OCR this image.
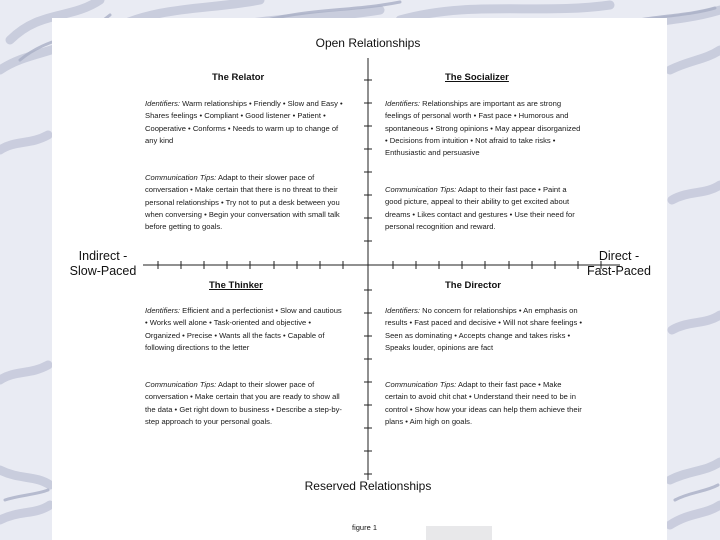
Open Relationships
Reserved Relationships
Indirect -
Slow-Paced
Direct -
Fast-Paced
The Relator	The Socializer
The Thinker	The Director
Identifiers: Warm relationships • Friendly • Slow and Easy • Shares feelings • Compliant • Good listener • Patient • Cooperative • Conforms • Needs to warm up to change of any kind
Communication Tips: Adapt to their slower pace of conversation • Make certain that there is no threat to their personal relationships • Try not to put a desk between you when conversing • Begin your conversation with small talk before getting to goals.
Identifiers: Relationships are important as are strong feelings of personal worth • Fast pace • Humorous and spontaneous • Strong opinions • May appear disorganized • Decisions from intuition • Not afraid to take risks • Enthusiastic and persuasive
Communication Tips: Adapt to their fast pace • Paint a good picture, appeal to their ability to get excited about dreams • Likes contact and gestures • Use their need for personal recognition and reward.
Identifiers: Efficient and a perfectionist • Slow and cautious • Works well alone • Task-oriented and objective • Organized • Precise • Wants all the facts • Capable of following directions to the letter
Communication Tips: Adapt to their slower pace of conversation • Make certain that you are ready to show all the data • Get right down to business • Describe a step-by-step approach to your personal goals.
Identifiers: No concern for relationships • An emphasis on results • Fast paced and decisive • Will not share feelings • Seen as dominating • Accepts change and takes risks • Speaks louder, opinions are fact
Communication Tips: Adapt to their fast pace • Make certain to avoid chit chat • Understand their need to be in control • Show how your ideas can help them achieve their plans • Aim high on goals.
figure 1
